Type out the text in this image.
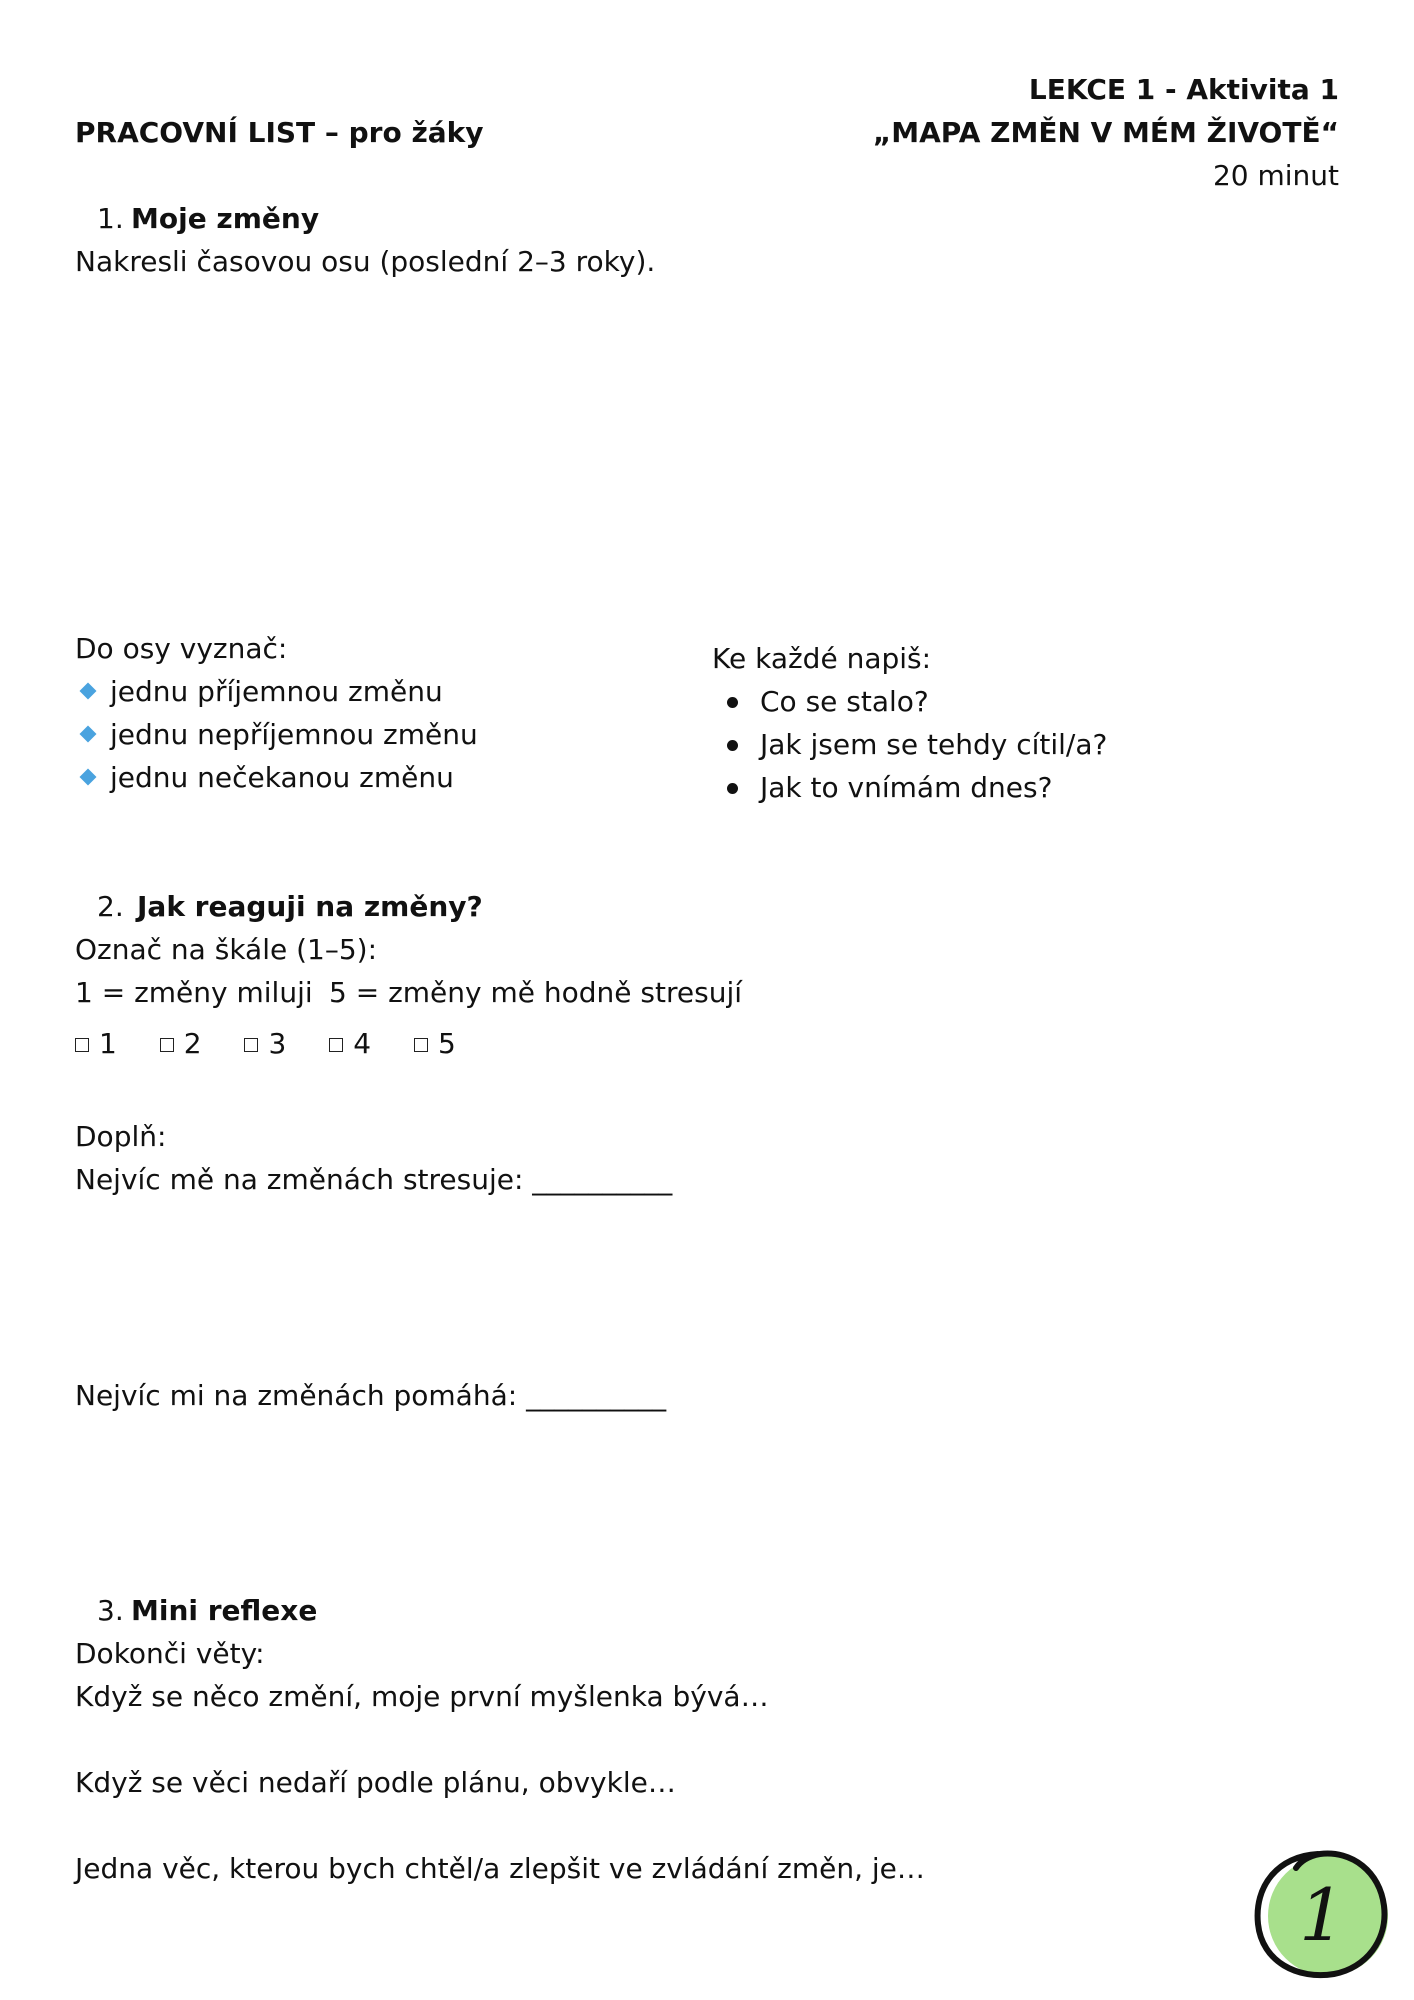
PRACOVNÍ LIST – pro žáky
LEKCE 1 - Aktivita 1
„MAPA ZMĚN V MÉM ŽIVOTĚ“
20 minut
1. Moje změny
Nakresli časovou osu (poslední 2–3 roky).
Do osy vyznač:
jednu příjemnou změnu
jednu nepříjemnou změnu
jednu nečekanou změnu
Ke každé napiš:
Co se stalo?
Jak jsem se tehdy cítil/a?
Jak to vnímám dnes?
2. Jak reaguji na změny?
Označ na škále (1–5):
1 = změny miluji 5 = změny mě hodně stresují
1 2 3 4 5
Doplň:
Nejvíc mě na změnách stresuje: __________
Nejvíc mi na změnách pomáhá: __________
3. Mini reflexe
Dokonči věty:
Když se něco změní, moje první myšlenka bývá…
Když se věci nedaří podle plánu, obvykle…
Jedna věc, kterou bych chtěl/a zlepšit ve zvládání změn, je…
1
